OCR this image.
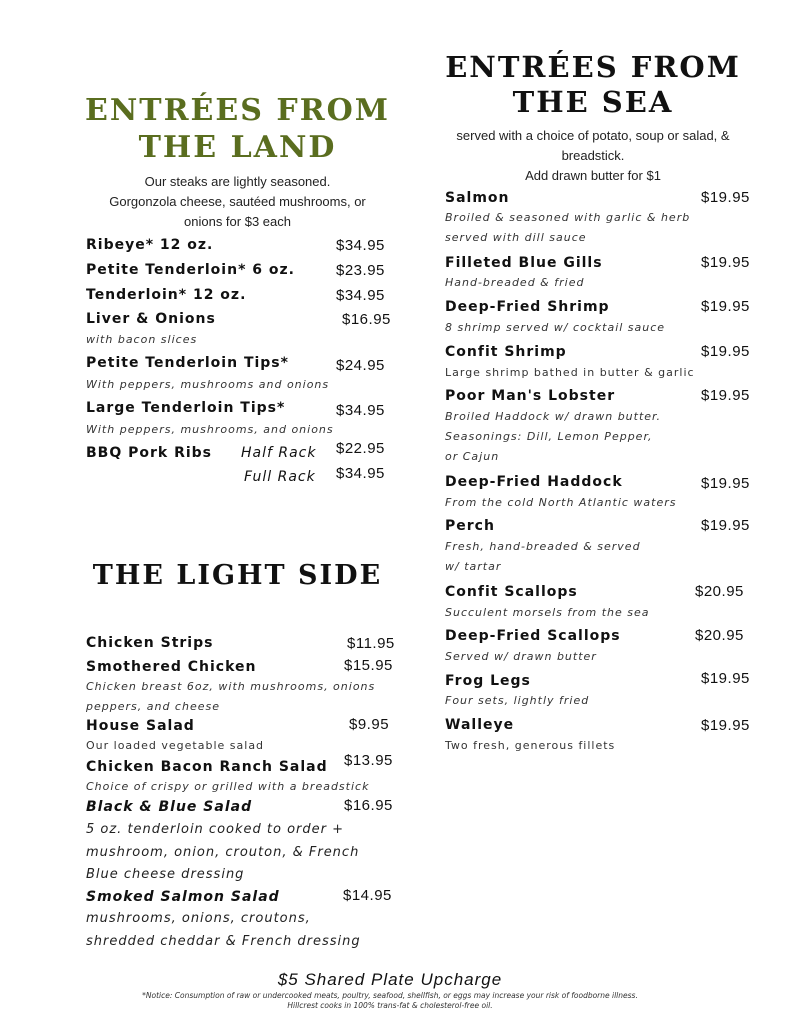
ENTRÉES FROM
THE LAND
Our steaks are lightly seasoned.
Gorgonzola cheese, sautéed mushrooms, or
onions for $3 each
Ribeye* 12 oz.	$34.95
Petite Tenderloin* 6 oz.	$23.95
Tenderloin* 12 oz.	$34.95
Liver & Onions	$16.95
with bacon slices
Petite Tenderloin Tips*	$24.95
With peppers, mushrooms and onions
Large Tenderloin Tips*	$34.95
With peppers, mushrooms, and onions
BBQ Pork Ribs Half Rack $22.95
Full Rack $34.95
THE LIGHT SIDE
Chicken Strips	$11.95
Smothered Chicken	$15.95
Chicken breast 6oz, with mushrooms, onions
peppers, and cheese
House Salad	$9.95
Our loaded vegetable salad
Chicken Bacon Ranch Salad $13.95
Choice of crispy or grilled with a breadstick
Black & Blue Salad	$16.95
5 oz. tenderloin cooked to order +
mushroom, onion, crouton, & French
Blue cheese dressing
Smoked Salmon Salad	$14.95
mushrooms, onions, croutons,
shredded cheddar & French dressing
ENTRÉES FROM
THE SEA
served with a choice of potato, soup or salad, &
breadstick.
Add drawn butter for $1
Salmon	$19.95
Broiled & seasoned with garlic & herb
served with dill sauce
Filleted Blue Gills	$19.95
Hand-breaded & fried
Deep-Fried Shrimp	$19.95
8 shrimp served w/ cocktail sauce
Confit Shrimp	$19.95
Large shrimp bathed in butter & garlic
Poor Man's Lobster	$19.95
Broiled Haddock w/ drawn butter.
Seasonings: Dill, Lemon Pepper,
or Cajun
Deep-Fried Haddock	$19.95
From the cold North Atlantic waters
Perch	$19.95
Fresh, hand-breaded & served
w/ tartar
Confit Scallops	$20.95
Succulent morsels from the sea
Deep-Fried Scallops	$20.95
Served w/ drawn butter
Frog Legs	$19.95
Four sets, lightly fried
Walleye	$19.95
Two fresh, generous fillets
$5 Shared Plate Upcharge
*Notice: Consumption of raw or undercooked meats, poultry, seafood, shellfish, or eggs may increase your risk of foodborne illness.
Hillcrest cooks in 100% trans-fat & cholesterol-free oil.
